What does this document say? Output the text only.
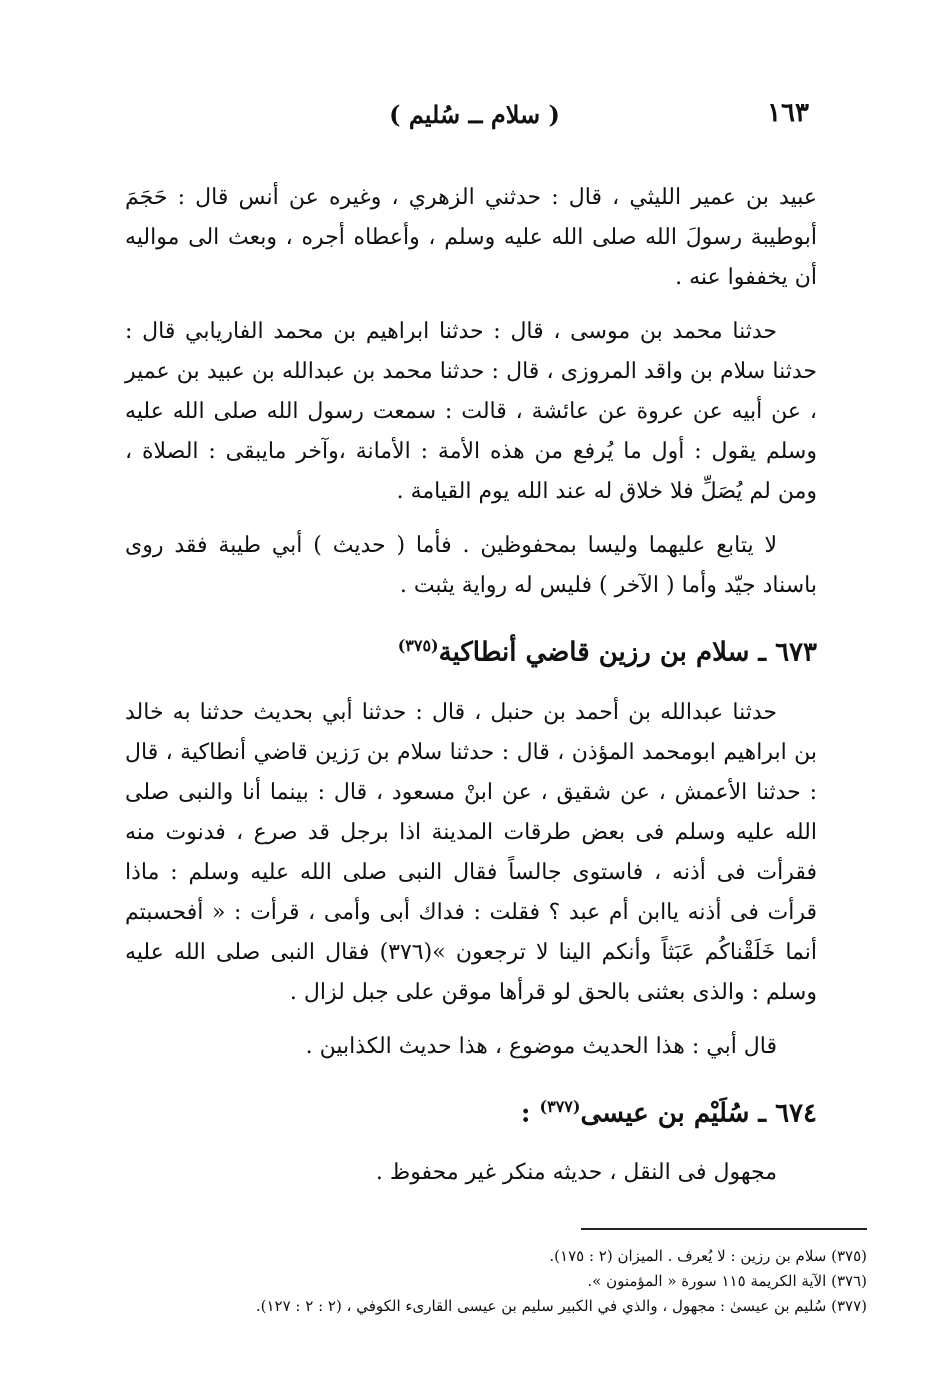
١٦٣
( سلام ــ سُليم )

عبيد بن عمير الليثي ، قال : حدثني الزهري ، وغيره عن أنس قال : حَجَمَ أبوطيبة رسولَ الله صلى الله عليه وسلم ، وأعطاه أجره ، وبعث الى مواليه أن يخففوا عنه .

حدثنا محمد بن موسى ، قال : حدثنا ابراهيم بن محمد الفاريابي قال : حدثنا سلام بن واقد المروزى ، قال : حدثنا محمد بن عبدالله بن عبيد بن عمير ، عن أبيه عن عروة عن عائشة ، قالت : سمعت رسول الله صلى الله عليه وسلم يقول : أول ما يُرفع من هذه الأمة : الأمانة ،وآخر مايبقى : الصلاة ، ومن لم يُصَلِّ فلا خلاق له عند الله يوم القيامة .

لا يتابع عليهما وليسا بمحفوظين . فأما ( حديث ) أبي طيبة فقد روى باسناد جيّد وأما ( الآخر ) فليس له رواية يثبت .

٦٧٣ ـ سلام بن رزين قاضي أنطاكية$^{(٣٧٥)}$

حدثنا عبدالله بن أحمد بن حنبل ، قال : حدثنا أبي بحديث حدثنا به خالد بن ابراهيم ابومحمد المؤذن ، قال : حدثنا سلام بن رَزين قاضي أنطاكية ، قال : حدثنا الأعمش ، عن شقيق ، عن ابنْ مسعود ، قال : بينما أنا والنبى صلى الله عليه وسلم فى بعض طرقات المدينة اذا برجل قد صرع ، فدنوت منه فقرأت فى أذنه ، فاستوى جالساً فقال النبى صلى الله عليه وسلم : ماذا قرأت فى أذنه ياابن أم عبد ؟ فقلت : فداك أبى وأمى ، قرأت : « أفحسبتم أنما خَلَقْناكُم عَبَثاً وأنكم الينا لا ترجعون »(٣٧٦) فقال النبى صلى الله عليه وسلم : والذى بعثنى بالحق لو قرأها موقن على جبل لزال .

قال أبي : هذا الحديث موضوع ، هذا حديث الكذابين .

٦٧٤ ـ سُلَيْم بن عيسى$^{(٣٧٧)}$ :

مجهول فى النقل ، حديثه منكر غير محفوظ .

(٣٧٥) سلام بن رزين : لا يُعرف . الميزان (٢ : ١٧٥).

(٣٧٦) الآية الكريمة ١١٥ سورة « المؤمنون ».

(٣٧٧) سُليم بن عيسىٰ : مجهول ، والذي في الكبير سليم بن عيسى القارىء الكوفي ، (٢ : ٢ : ١٢٧).
